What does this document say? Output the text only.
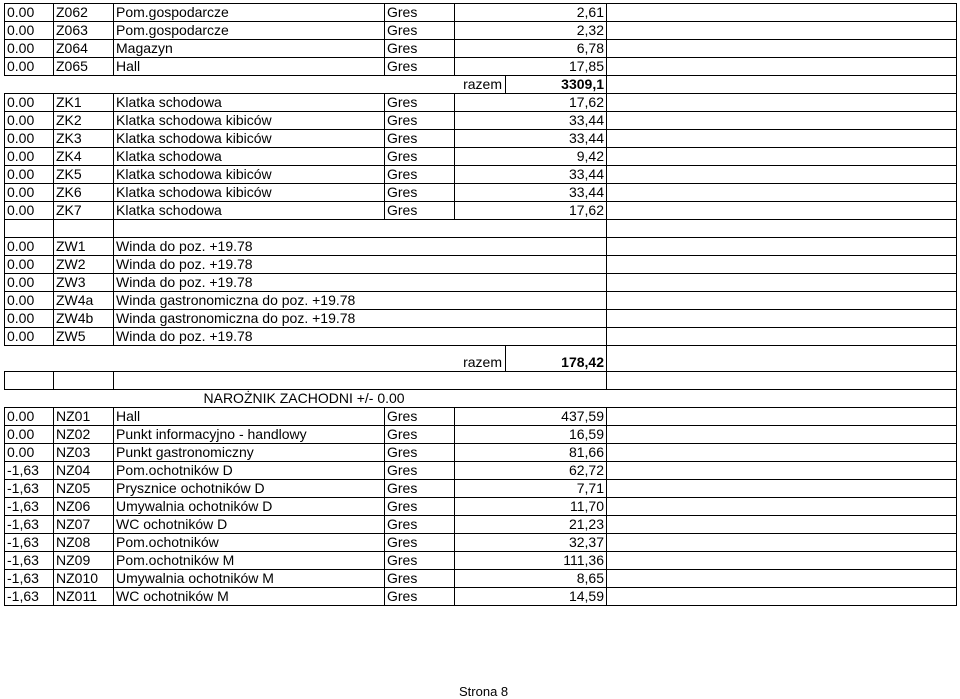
0.00	Z062	Pom.gospodarcze	Gres	2,61		
0.00	Z063	Pom.gospodarcze	Gres	2,32		
0.00	Z064	Magazyn	Gres	6,78		
0.00	Z065	Hall	Gres	17,85		
			razem		3309,1	
0.00	ZK1	Klatka schodowa	Gres	17,62		
0.00	ZK2	Klatka schodowa kibiców	Gres	33,44		
0.00	ZK3	Klatka schodowa kibiców	Gres	33,44		
0.00	ZK4	Klatka schodowa	Gres	9,42		
0.00	ZK5	Klatka schodowa kibiców	Gres	33,44		
0.00	ZK6	Klatka schodowa kibiców	Gres	33,44		
0.00	ZK7	Klatka schodowa	Gres	17,62		

0.00	ZW1	Winda do poz. +19.78				
0.00	ZW2	Winda do poz. +19.78				
0.00	ZW3	Winda do poz. +19.78				
0.00	ZW4a	Winda gastronomiczna do poz. +19.78				
0.00	ZW4b	Winda gastronomiczna do poz. +19.78				
0.00	ZW5	Winda do poz. +19.78				
			razem		178,42	

		NAROŻNIK ZACHODNI +/- 0.00				
0.00	NZ01	Hall	Gres	437,59		
0.00	NZ02	Punkt informacyjno - handlowy	Gres	16,59		
0.00	NZ03	Punkt gastronomiczny	Gres	81,66		
-1,63	NZ04	Pom.ochotników D	Gres	62,72		
-1,63	NZ05	Prysznice ochotników D	Gres	7,71		
-1,63	NZ06	Umywalnia ochotników D	Gres	11,70		
-1,63	NZ07	WC ochotników D	Gres	21,23		
-1,63	NZ08	Pom.ochotników	Gres	32,37		
-1,63	NZ09	Pom.ochotników M	Gres	111,36		
-1,63	NZ010	Umywalnia ochotników M	Gres	8,65		
-1,63	NZ011	WC ochotników M	Gres	14,59		
Strona 8
